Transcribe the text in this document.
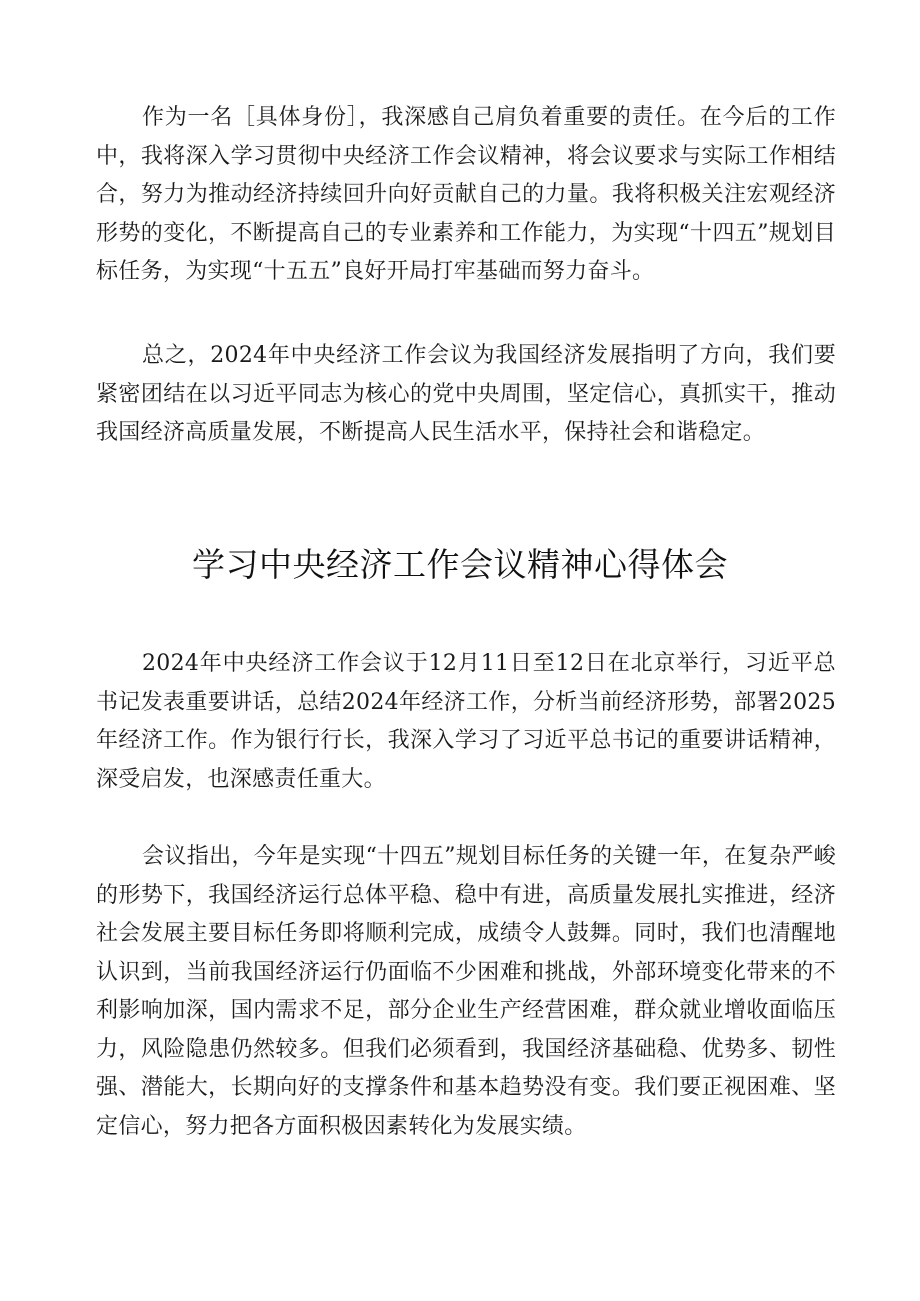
作为一名［具体身份］，我深感自己肩负着重要的责任。在今后的工作中，我将深入学习贯彻中央经济工作会议精神，将会议要求与实际工作相结合，努力为推动经济持续回升向好贡献自己的力量。我将积极关注宏观经济形势的变化，不断提高自己的专业素养和工作能力，为实现“十四五”规划目标任务，为实现“十五五”良好开局打牢基础而努力奋斗。

总之，2024年中央经济工作会议为我国经济发展指明了方向，我们要紧密团结在以习近平同志为核心的党中央周围，坚定信心，真抓实干，推动我国经济高质量发展，不断提高人民生活水平，保持社会和谐稳定。

学习中央经济工作会议精神心得体会

2024年中央经济工作会议于12月11日至12日在北京举行，习近平总书记发表重要讲话，总结2024年经济工作，分析当前经济形势，部署2025年经济工作。作为银行行长，我深入学习了习近平总书记的重要讲话精神，深受启发，也深感责任重大。

会议指出，今年是实现“十四五”规划目标任务的关键一年，在复杂严峻的形势下，我国经济运行总体平稳、稳中有进，高质量发展扎实推进，经济社会发展主要目标任务即将顺利完成，成绩令人鼓舞。同时，我们也清醒地认识到，当前我国经济运行仍面临不少困难和挑战，外部环境变化带来的不利影响加深，国内需求不足，部分企业生产经营困难，群众就业增收面临压力，风险隐患仍然较多。但我们必须看到，我国经济基础稳、优势多、韧性强、潜能大，长期向好的支撑条件和基本趋势没有变。我们要正视困难、坚定信心，努力把各方面积极因素转化为发展实绩。
